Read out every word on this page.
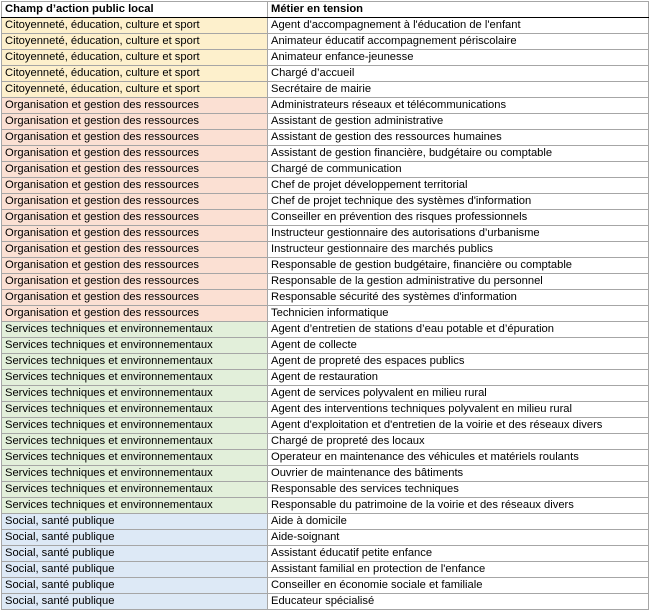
Champ d’action public local	Métier en tension
Citoyenneté, éducation, culture et sport	Agent d'accompagnement à l'éducation de l'enfant
Citoyenneté, éducation, culture et sport	Animateur éducatif accompagnement périscolaire
Citoyenneté, éducation, culture et sport	Animateur enfance-jeunesse
Citoyenneté, éducation, culture et sport	Chargé d’accueil
Citoyenneté, éducation, culture et sport	Secrétaire de mairie
Organisation et gestion des ressources	Administrateurs réseaux et télécommunications
Organisation et gestion des ressources	Assistant de gestion administrative
Organisation et gestion des ressources	Assistant de gestion des ressources humaines
Organisation et gestion des ressources	Assistant de gestion financière, budgétaire ou comptable
Organisation et gestion des ressources	Chargé de communication
Organisation et gestion des ressources	Chef de projet développement territorial
Organisation et gestion des ressources	Chef de projet technique des systèmes d'information
Organisation et gestion des ressources	Conseiller en prévention des risques professionnels
Organisation et gestion des ressources	Instructeur gestionnaire des autorisations d’urbanisme
Organisation et gestion des ressources	Instructeur gestionnaire des marchés publics
Organisation et gestion des ressources	Responsable de gestion budgétaire, financière ou comptable
Organisation et gestion des ressources	Responsable de la gestion administrative du personnel
Organisation et gestion des ressources	Responsable sécurité des systèmes d'information
Organisation et gestion des ressources	Technicien informatique
Services techniques et environnementaux	Agent d’entretien de stations d’eau potable et d’épuration
Services techniques et environnementaux	Agent de collecte
Services techniques et environnementaux	Agent de propreté des espaces publics
Services techniques et environnementaux	Agent de restauration
Services techniques et environnementaux	Agent de services polyvalent en milieu rural
Services techniques et environnementaux	Agent des interventions techniques polyvalent en milieu rural
Services techniques et environnementaux	Agent d'exploitation et d'entretien de la voirie et des réseaux divers
Services techniques et environnementaux	Chargé de propreté des locaux
Services techniques et environnementaux	Operateur en maintenance des véhicules et matériels roulants
Services techniques et environnementaux	Ouvrier de maintenance des bâtiments
Services techniques et environnementaux	Responsable des services techniques
Services techniques et environnementaux	Responsable du patrimoine de la voirie et des réseaux divers
Social, santé publique	Aide à domicile
Social, santé publique	Aide-soignant
Social, santé publique	Assistant éducatif petite enfance
Social, santé publique	Assistant familial en protection de l'enfance
Social, santé publique	Conseiller en économie sociale et familiale
Social, santé publique	Educateur spécialisé
